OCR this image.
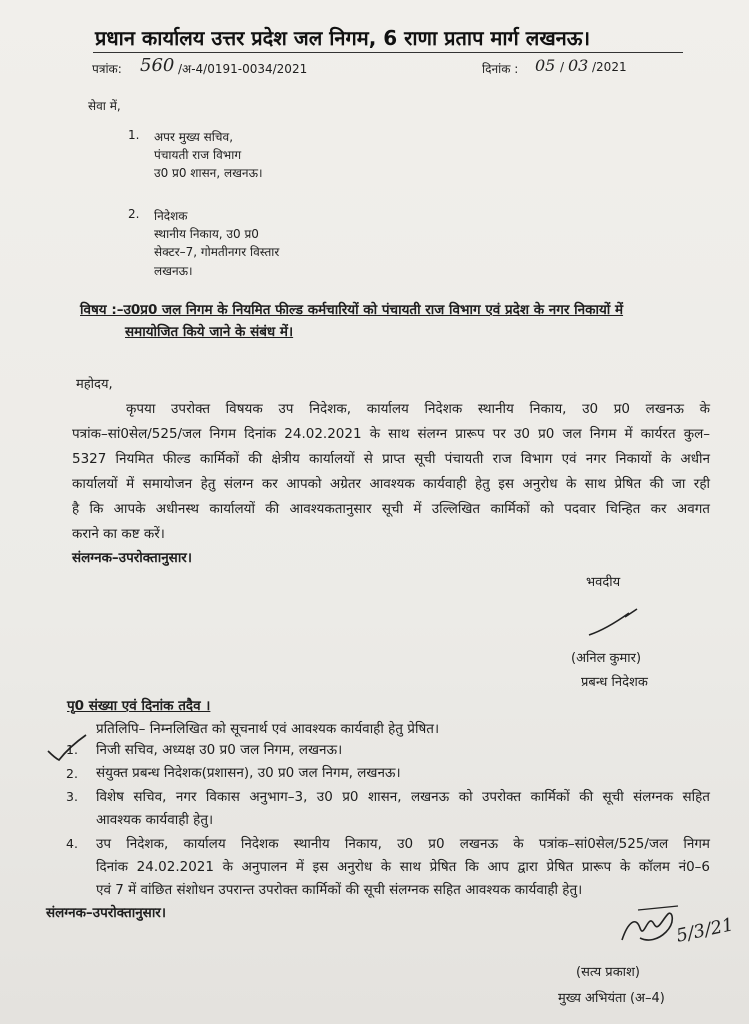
प्रधान कार्यालय उत्तर प्रदेश जल निगम, 6 राणा प्रताप मार्ग लखनऊ।
पत्रांक: 560 /अ-4/0191-0034/2021	दिनांक : 05 / 03 /2021
सेवा में,
1. अपर मुख्य सचिव,
पंचायती राज विभाग
उ0 प्र0 शासन, लखनऊ।
2. निदेशक
स्थानीय निकाय, उ0 प्र0
सेक्टर–7, गोमतीनगर विस्तार
लखनऊ।
विषय :–उ0प्र0 जल निगम के नियमित फील्ड कर्मचारियों को पंचायती राज विभाग एवं प्रदेश के नगर निकायों में
समायोजित किये जाने के संबंध में।
महोदय,
कृपया उपरोक्त विषयक उप निदेशक, कार्यालय निदेशक स्थानीय निकाय, उ0 प्र0 लखनऊ के
पत्रांक–सां0सेल/525/जल निगम दिनांक 24.02.2021 के साथ संलग्न प्रारूप पर उ0 प्र0 जल निगम में कार्यरत कुल–
5327 नियमित फील्ड कार्मिकों की क्षेत्रीय कार्यालयों से प्राप्त सूची पंचायती राज विभाग एवं नगर निकायों के अधीन
कार्यालयों में समायोजन हेतु संलग्न कर आपको अग्रेतर आवश्यक कार्यवाही हेतु इस अनुरोध के साथ प्रेषित की जा रही
है कि आपके अधीनस्थ कार्यालयों की आवश्यकतानुसार सूची में उल्लिखित कार्मिकों को पदवार चिन्हित कर अवगत
कराने का कष्ट करें।
संलग्नक–उपरोक्तानुसार।
भवदीय
(अनिल कुमार)
प्रबन्ध निदेशक
पृ0 संख्या एवं दिनांक तदैव ।
प्रतिलिपि– निम्नलिखित को सूचनार्थ एवं आवश्यक कार्यवाही हेतु प्रेषित।
1. निजी सचिव, अध्यक्ष उ0 प्र0 जल निगम, लखनऊ।
2. संयुक्त प्रबन्ध निदेशक(प्रशासन), उ0 प्र0 जल निगम, लखनऊ।
3. विशेष सचिव, नगर विकास अनुभाग–3, उ0 प्र0 शासन, लखनऊ को उपरोक्त कार्मिकों की सूची संलग्नक सहित
आवश्यक कार्यवाही हेतु।
4. उप निदेशक, कार्यालय निदेशक स्थानीय निकाय, उ0 प्र0 लखनऊ के पत्रांक–सां0सेल/525/जल निगम
दिनांक 24.02.2021 के अनुपालन में इस अनुरोध के साथ प्रेषित कि आप द्वारा प्रेषित प्रारूप के कॉलम नं0–6
एवं 7 में वांछित संशोधन उपरान्त उपरोक्त कार्मिकों की सूची संलग्नक सहित आवश्यक कार्यवाही हेतु।
संलग्नक–उपरोक्तानुसार।
5/3/21
(सत्य प्रकाश)
मुख्य अभियंता (अ–4)
